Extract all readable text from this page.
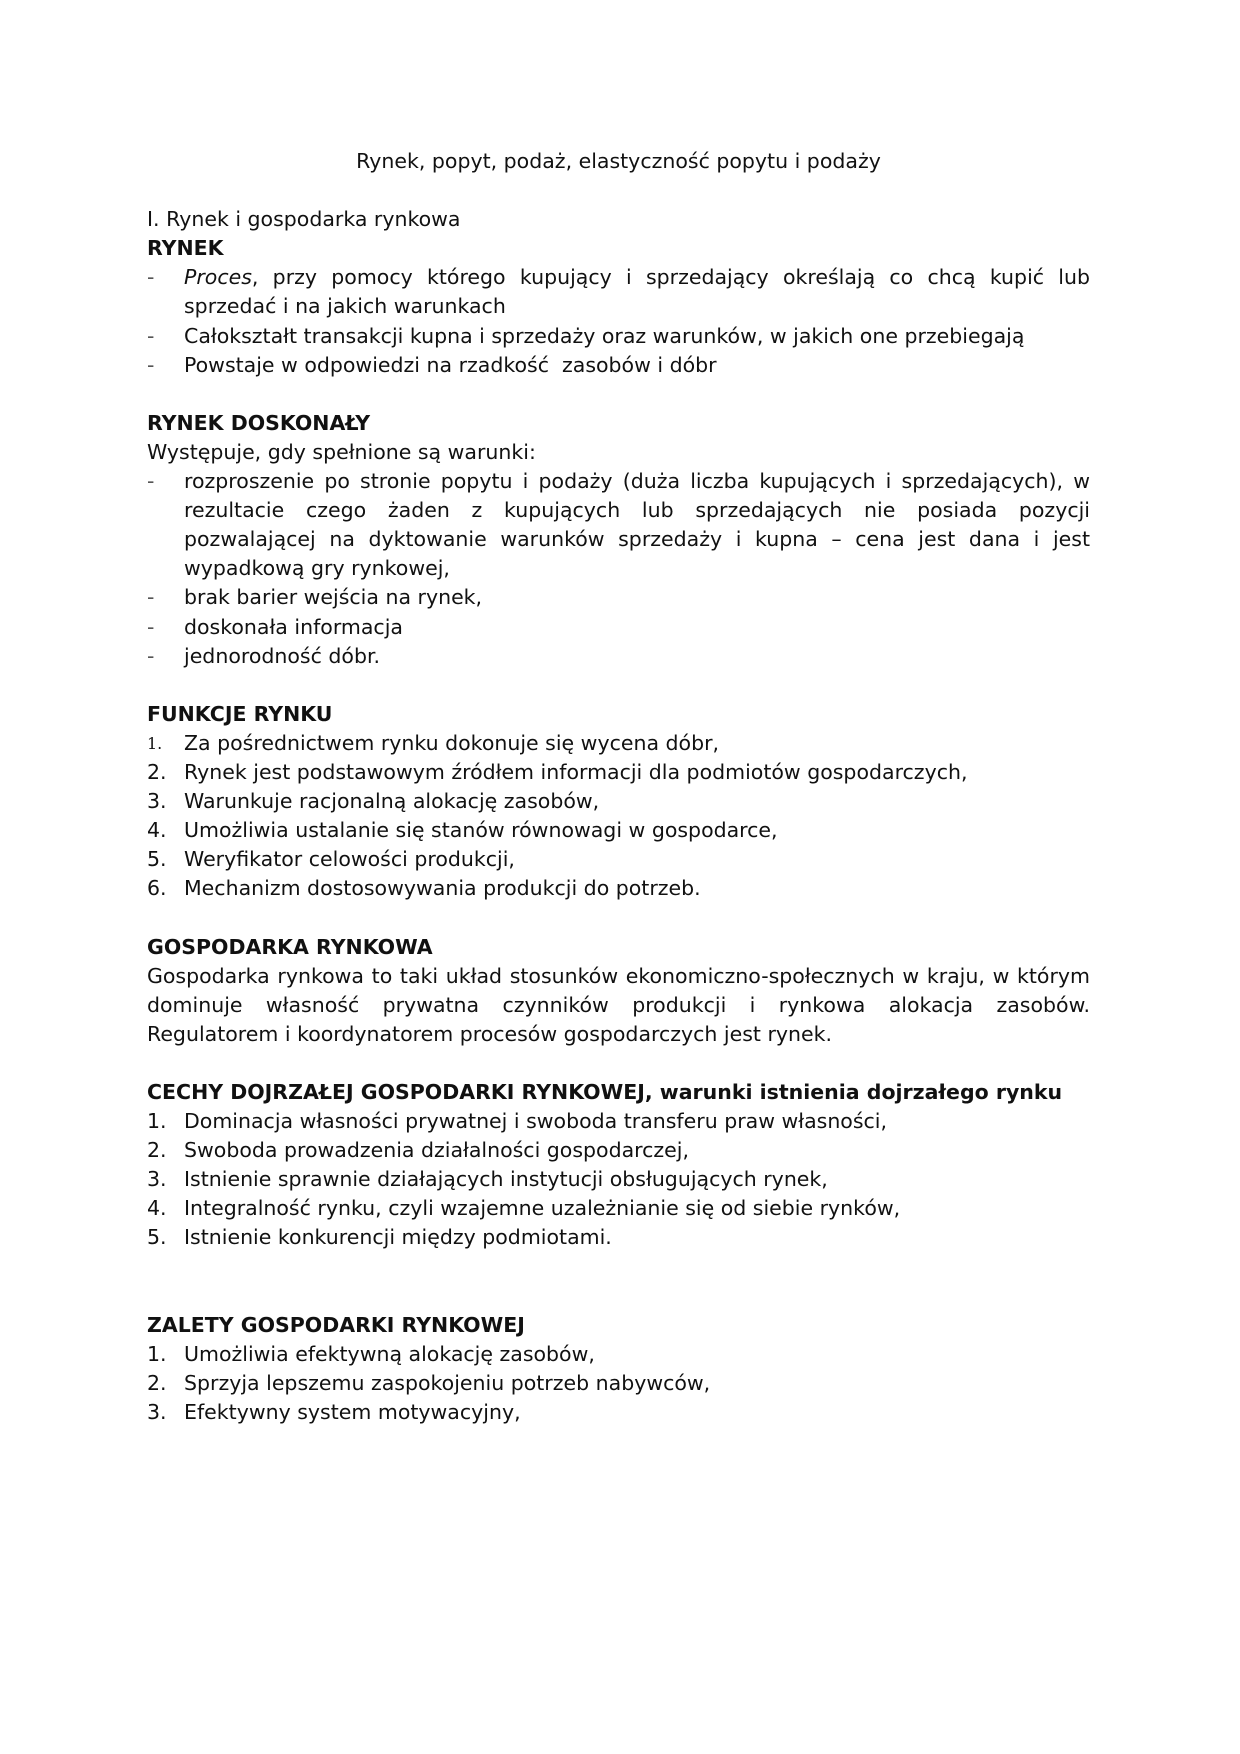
Rynek, popyt, podaż, elastyczność popytu i podaży
I. Rynek i gospodarka rynkowa
RYNEK
-	Proces, przy pomocy którego kupujący i sprzedający określają co chcą kupić lub sprzedać i na jakich warunkach
-	Całokształt transakcji kupna i sprzedaży oraz warunków, w jakich one przebiegają
-	Powstaje w odpowiedzi na rzadkość  zasobów i dóbr
RYNEK DOSKONAŁY
Występuje, gdy spełnione są warunki:
-	rozproszenie po stronie popytu i podaży (duża liczba kupujących i sprzedających), w rezultacie czego żaden z kupujących lub sprzedających nie posiada pozycji pozwalającej na dyktowanie warunków sprzedaży i kupna – cena jest dana i jest wypadkową gry rynkowej,
-	brak barier wejścia na rynek,
-	doskonała informacja
-	jednorodność dóbr.
FUNKCJE RYNKU
1.	Za pośrednictwem rynku dokonuje się wycena dóbr,
2. Rynek jest podstawowym źródłem informacji dla podmiotów gospodarczych,
3. Warunkuje racjonalną alokację zasobów,
4. Umożliwia ustalanie się stanów równowagi w gospodarce,
5. Weryfikator celowości produkcji,
6. Mechanizm dostosowywania produkcji do potrzeb.
GOSPODARKA RYNKOWA
Gospodarka rynkowa to taki układ stosunków ekonomiczno-społecznych w kraju, w którym dominuje własność prywatna czynników produkcji i rynkowa alokacja zasobów. Regulatorem i koordynatorem procesów gospodarczych jest rynek.
CECHY DOJRZAŁEJ GOSPODARKI RYNKOWEJ, warunki istnienia dojrzałego rynku
1. Dominacja własności prywatnej i swoboda transferu praw własności,
2. Swoboda prowadzenia działalności gospodarczej,
3. Istnienie sprawnie działających instytucji obsługujących rynek,
4. Integralność rynku, czyli wzajemne uzależnianie się od siebie rynków,
5. Istnienie konkurencji między podmiotami.
ZALETY GOSPODARKI RYNKOWEJ
1. Umożliwia efektywną alokację zasobów,
2. Sprzyja lepszemu zaspokojeniu potrzeb nabywców,
3. Efektywny system motywacyjny,
